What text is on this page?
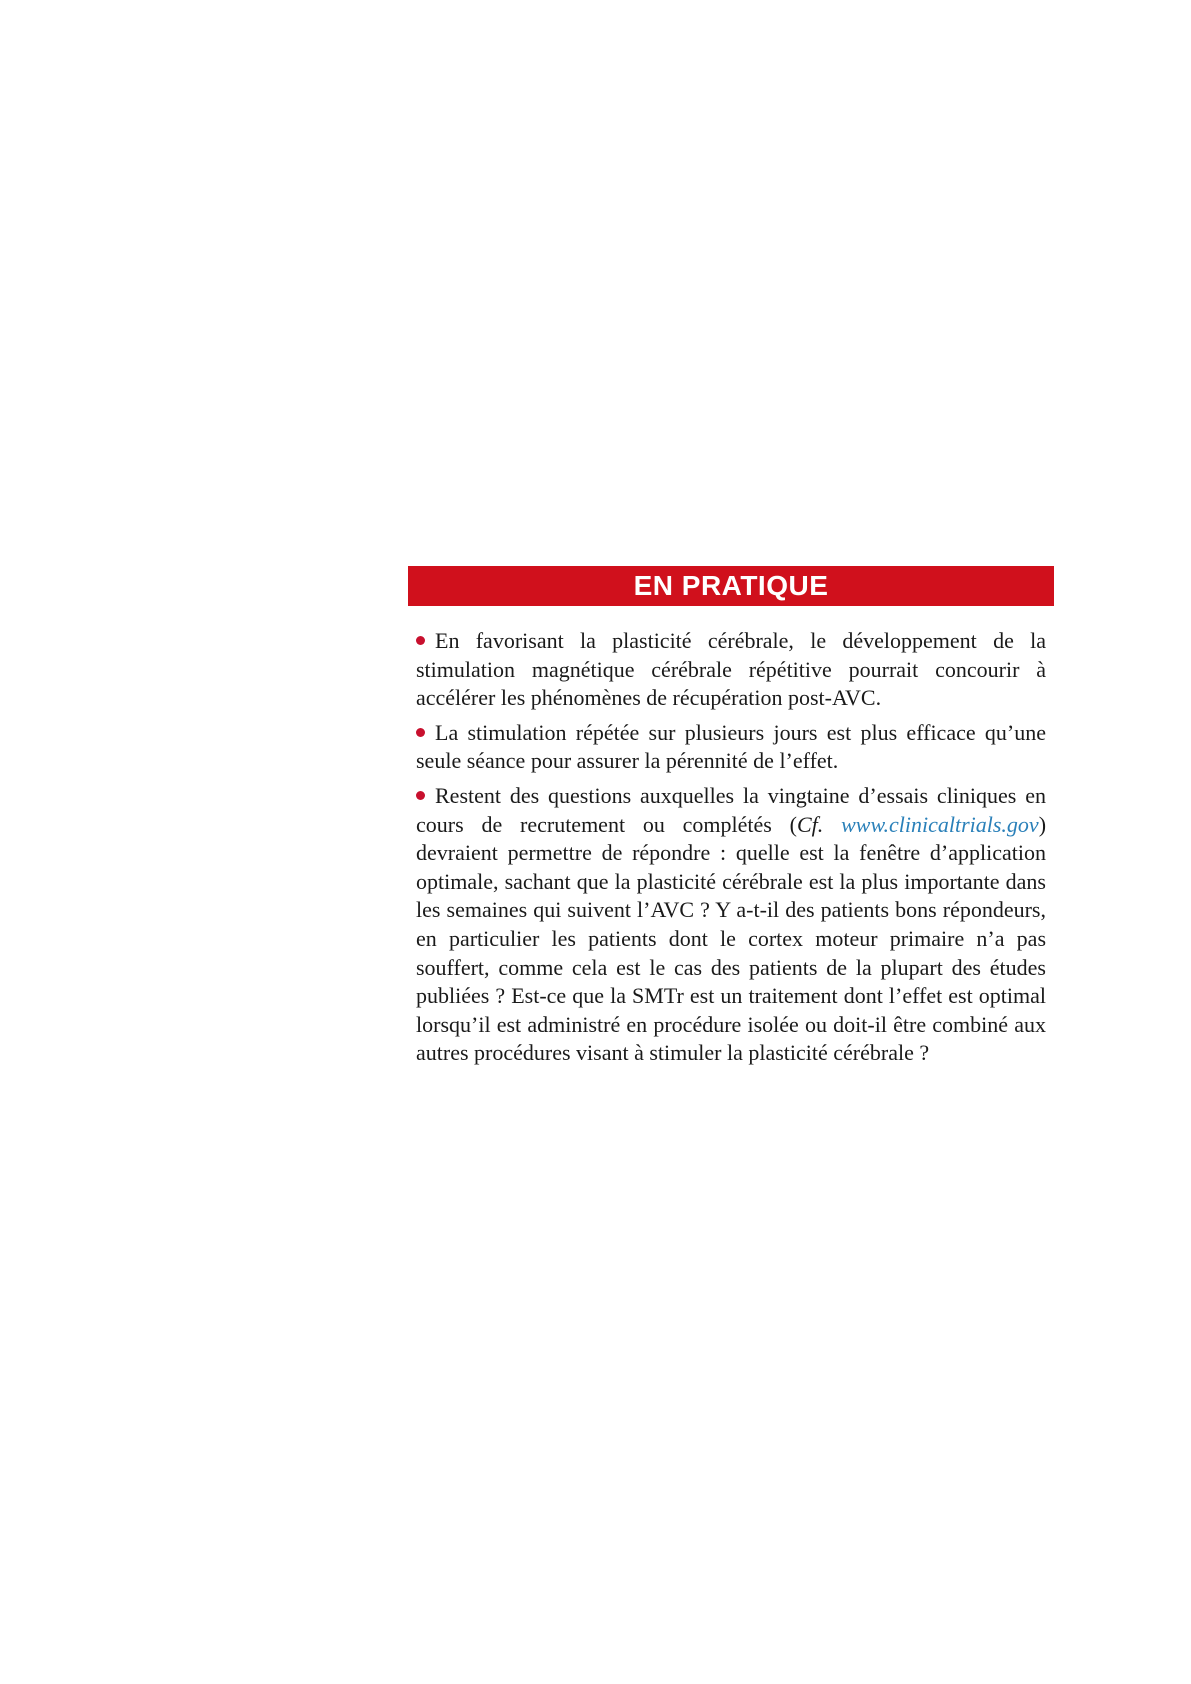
EN PRATIQUE

En favorisant la plasticité cérébrale, le développement de la stimulation magnétique cérébrale répétitive pourrait concourir à accélérer les phénomènes de récupération post-AVC.

La stimulation répétée sur plusieurs jours est plus efficace qu’une seule séance pour assurer la pérennité de l’effet.

Restent des questions auxquelles la vingtaine d’essais cliniques en cours de recrutement ou complétés (Cf. www.clinicaltrials.gov) devraient permettre de répondre : quelle est la fenêtre d’application optimale, sachant que la plasticité cérébrale est la plus importante dans les semaines qui suivent l’AVC ? Y a-t-il des patients bons répondeurs, en particulier les patients dont le cortex moteur primaire n’a pas souffert, comme cela est le cas des patients de la plupart des études publiées ? Est-ce que la SMTr est un traitement dont l’effet est optimal lorsqu’il est administré en procédure isolée ou doit-il être combiné aux autres procédures visant à stimuler la plasticité cérébrale ?
